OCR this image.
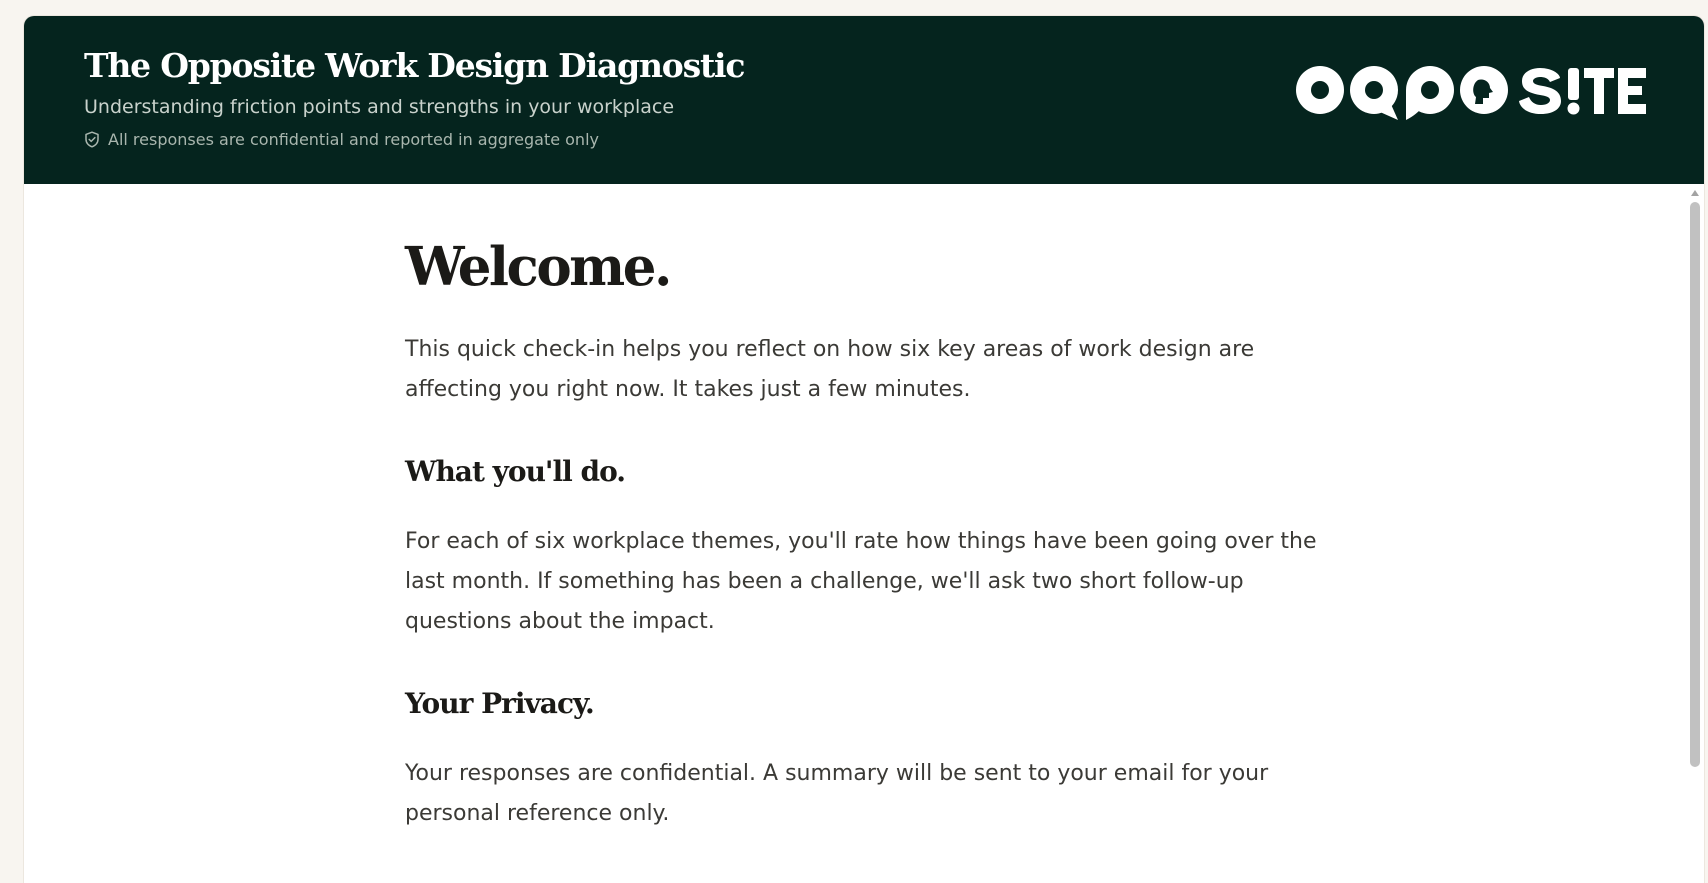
The Opposite Work Design Diagnostic

Understanding friction points and strengths in your workplace

All responses are confidential and reported in aggregate only
Welcome.

This quick check-in helps you reflect on how six key areas of work design are affecting you right now. It takes just a few minutes.

What you'll do.

For each of six workplace themes, you'll rate how things have been going over the last month. If something has been a challenge, we'll ask two short follow-up questions about the impact.

Your Privacy.

Your responses are confidential. A summary will be sent to your email for your personal reference only.
